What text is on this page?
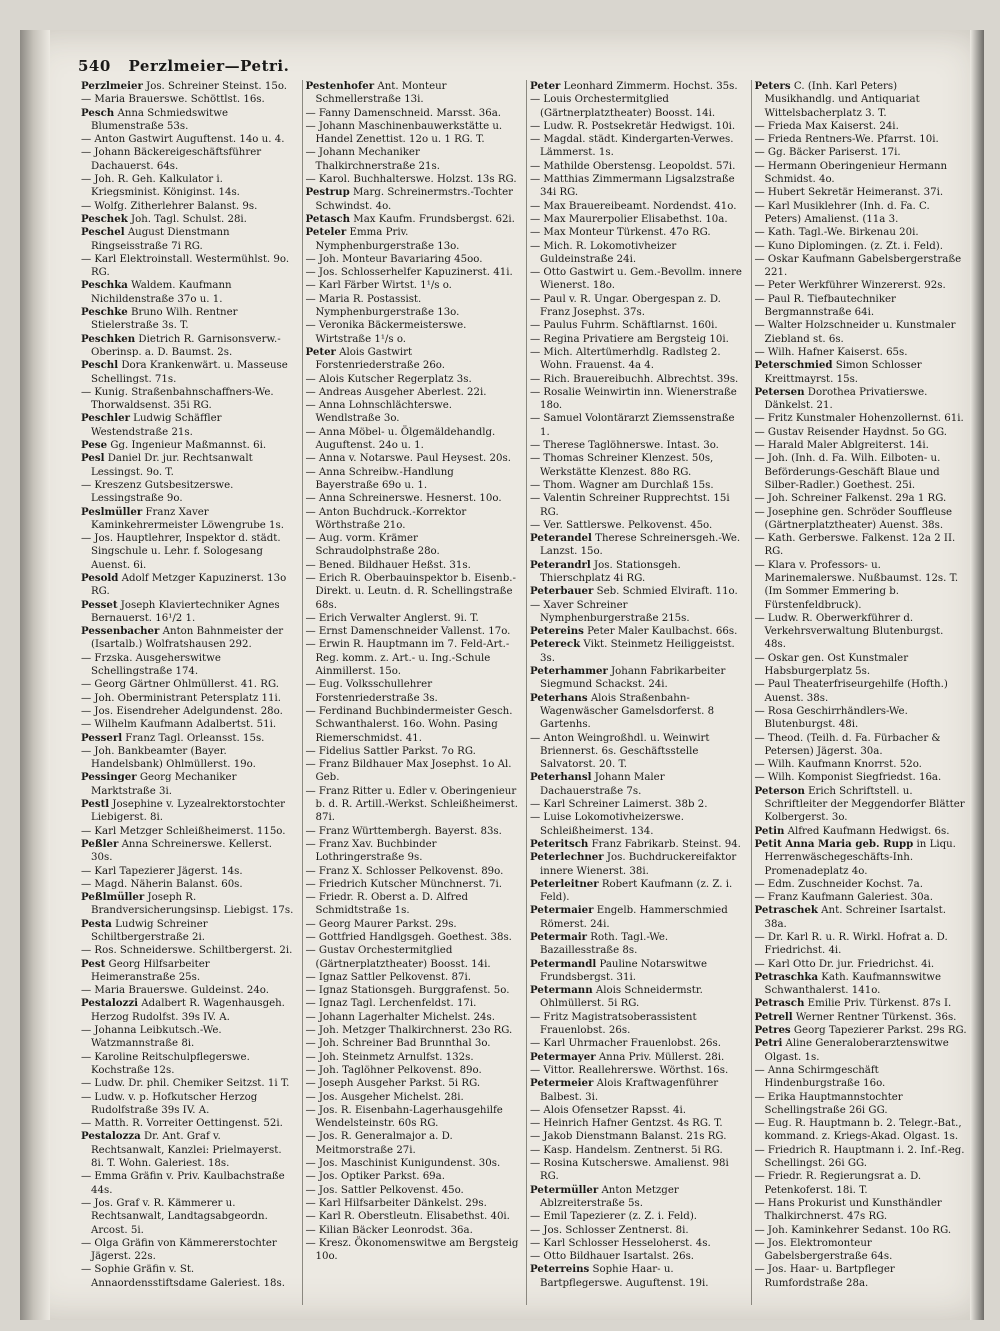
540 Perzlmeier—Petri.

Perzlmeier Jos. Schreiner Steinst. 15o.

— Maria Brauerswe. Schöttlst. 16s.

Pesch Anna Schmiedswitwe Blumenstraße 53s.

— Anton Gastwirt Auguftenst. 14o u. 4.

— Johann Bäckereigeschäftsführer Dachauerst. 64s.

— Joh. R. Geh. Kalkulator i. Kriegsminist. Königinst. 14s.

— Wolfg. Zitherlehrer Balanst. 9s.

Peschek Joh. Tagl. Schulst. 28i.

Peschel August Dienstmann Ringseisstraße 7i RG.

— Karl Elektroinstall. Westermühlst. 9o. RG.

Peschka Waldem. Kaufmann Nichildenstraße 37o u. 1.

Peschke Bruno Wilh. Rentner Stielerstraße 3s. T.

Peschken Dietrich R. Garnisonsverw.-Oberinsp. a. D. Baumst. 2s.

Peschl Dora Krankenwärt. u. Masseuse Schellingst. 71s.

— Kunig. Straßenbahnschaffners-We. Thorwaldsenst. 35i RG.

Peschler Ludwig Schäffler Westendstraße 21s.

Pese Gg. Ingenieur Maßmannst. 6i.

Pesl Daniel Dr. jur. Rechtsanwalt Lessingst. 9o. T.

— Kreszenz Gutsbesitzerswe. Lessingstraße 9o.

Peslmüller Franz Xaver Kaminkehrermeister Löwengrube 1s.

— Jos. Hauptlehrer, Inspektor d. städt. Singschule u. Lehr. f. Sologesang Auenst. 6i.

Pesold Adolf Metzger Kapuzinerst. 13o RG.

Pesset Joseph Klaviertechniker Agnes Bernauerst. 16¹/2 1.

Pessenbacher Anton Bahnmeister der (Isartalb.) Wolfratshausen 292.

— Frzska. Ausgeherswitwe Schellingstraße 174.

— Georg Gärtner Ohlmüllerst. 41. RG.

— Joh. Oberministrant Petersplatz 11i.

— Jos. Eisendreher Adelgundenst. 28o.

— Wilhelm Kaufmann Adalbertst. 51i.

Pesserl Franz Tagl. Orleansst. 15s.

— Joh. Bankbeamter (Bayer. Handelsbank) Ohlmüllerst. 19o.

Pessinger Georg Mechaniker Marktstraße 3i.

Pestl Josephine v. Lyzealrektorstochter Liebigerst. 8i.

— Karl Metzger Schleißheimerst. 115o.

Peßler Anna Schreinerswe. Kellerst. 30s.

— Karl Tapezierer Jägerst. 14s.

— Magd. Näherin Balanst. 60s.

Peßlmüller Joseph R. Brandversicherungsinsp. Liebigst. 17s.

Pesta Ludwig Schreiner Schiltbergerstraße 2i.

— Ros. Schneiderswe. Schiltbergerst. 2i.

Pest Georg Hilfsarbeiter Heimeranstraße 25s.

— Maria Brauerswe. Guldeinst. 24o.

Pestalozzi Adalbert R. Wagenhausgeh. Herzog Rudolfst. 39s IV. A.

— Johanna Leibkutsch.-We. Watzmannstraße 8i.

— Karoline Reitschulpflegerswe. Kochstraße 12s.

— Ludw. Dr. phil. Chemiker Seitzst. 1i T.

— Ludw. v. p. Hofkutscher Herzog Rudolfstraße 39s IV. A.

— Matth. R. Vorreiter Oettingenst. 52i.

Pestalozza Dr. Ant. Graf v. Rechtsanwalt, Kanzlei: Prielmayerst. 8i. T. Wohn. Galeriest. 18s.

— Emma Gräfin v. Priv. Kaulbachstraße 44s.

— Jos. Graf v. R. Kämmerer u. Rechtsanwalt, Landtagsabgeordn. Arcost. 5i.

— Olga Gräfin von Kämmererstochter Jägerst. 22s.

— Sophie Gräfin v. St. Annaordensstiftsdame Galeriest. 18s.

Pestenhofer Ant. Monteur Schmellerstraße 13i.

— Fanny Damenschneid. Marsst. 36a.

— Johann Maschinenbauwerkstätte u. Handel Zenettist. 12o u. 1 RG. T.

— Johann Mechaniker Thalkirchnerstraße 21s.

— Karol. Buchhalterswe. Holzst. 13s RG.

Pestrup Marg. Schreinermstrs.-Tochter Schwindst. 4o.

Petasch Max Kaufm. Frundsbergst. 62i.

Peteler Emma Priv. Nymphenburgerstraße 13o.

— Joh. Monteur Bavariaring 45oo.

— Jos. Schlosserhelfer Kapuzinerst. 41i.

— Karl Färber Wirtst. 1¹/s o.

— Maria R. Postassist. Nymphenburgerstraße 13o.

— Veronika Bäckermeisterswe. Wirtstraße 1¹/s o.

Peter Alois Gastwirt Forstenriederstraße 26o.

— Alois Kutscher Regerplatz 3s.

— Andreas Ausgeher Aberlest. 22i.

— Anna Lohnschlächterswe. Wendlstraße 3o.

— Anna Möbel- u. Ölgemäldehandlg. Auguftenst. 24o u. 1.

— Anna v. Notarswe. Paul Heysest. 20s.

— Anna Schreibw.-Handlung Bayerstraße 69o u. 1.

— Anna Schreinerswe. Hesnerst. 10o.

— Anton Buchdruck.-Korrektor Wörthstraße 21o.

— Aug. vorm. Krämer Schraudolphstraße 28o.

— Bened. Bildhauer Heßst. 31s.

— Erich R. Oberbauinspektor b. Eisenb.-Direkt. u. Leutn. d. R. Schellingstraße 68s.

— Erich Verwalter Anglerst. 9i. T.

— Ernst Damenschneider Vallenst. 17o.

— Erwin R. Hauptmann im 7. Feld-Art.-Reg. komm. z. Art.- u. Ing.-Schule Ainmillerst. 15o.

— Eug. Volksschullehrer Forstenriederstraße 3s.

— Ferdinand Buchbindermeister Gesch. Schwanthalerst. 16o. Wohn. Pasing Riemerschmidst. 41.

— Fidelius Sattler Parkst. 7o RG.

— Franz Bildhauer Max Josephst. 1o Al. Geb.

— Franz Ritter u. Edler v. Oberingenieur b. d. R. Artill.-Werkst. Schleißheimerst. 87i.

— Franz Württembergh. Bayerst. 83s.

— Franz Xav. Buchbinder Lothringerstraße 9s.

— Franz X. Schlosser Pelkovenst. 89o.

— Friedrich Kutscher Münchnerst. 7i.

— Friedr. R. Oberst a. D. Alfred Schmidtstraße 1s.

— Georg Maurer Parkst. 29s.

— Gottfried Handlgsgeh. Goethest. 38s.

— Gustav Orchestermitglied (Gärtnerplatztheater) Boosst. 14i.

— Ignaz Sattler Pelkovenst. 87i.

— Ignaz Stationsgeh. Burggrafenst. 5o.

— Ignaz Tagl. Lerchenfeldst. 17i.

— Johann Lagerhalter Michelst. 24s.

— Joh. Metzger Thalkirchnerst. 23o RG.

— Joh. Schreiner Bad Brunnthal 3o.

— Joh. Steinmetz Arnulfst. 132s.

— Joh. Taglöhner Pelkovenst. 89o.

— Joseph Ausgeher Parkst. 5i RG.

— Jos. Ausgeher Michelst. 28i.

— Jos. R. Eisenbahn-Lagerhausgehilfe Wendelsteinstr. 60s RG.

— Jos. R. Generalmajor a. D. Meitmorstraße 27i.

— Jos. Maschinist Kunigundenst. 30s.

— Jos. Optiker Parkst. 69a.

— Jos. Sattler Pelkovenst. 45o.

— Karl Hilfsarbeiter Dänkelst. 29s.

— Karl R. Oberstleutn. Elisabethst. 40i.

— Kilian Bäcker Leonrodst. 36a.

— Kresz. Ökonomenswitwe am Bergsteig 10o.

Peter Leonhard Zimmerm. Hochst. 35s.

— Louis Orchestermitglied (Gärtnerplatztheater) Boosst. 14i.

— Ludw. R. Postsekretär Hedwigst. 10i.

— Magdal. städt. Kindergarten-Verwes. Lämmerst. 1s.

— Mathilde Oberstensg. Leopoldst. 57i.

— Matthias Zimmermann Ligsalzstraße 34i RG.

— Max Brauereibeamt. Nordendst. 41o.

— Max Maurerpolier Elisabethst. 10a.

— Max Monteur Türkenst. 47o RG.

— Mich. R. Lokomotivheizer Guldeinstraße 24i.

— Otto Gastwirt u. Gem.-Bevollm. innere Wienerst. 18o.

— Paul v. R. Ungar. Obergespan z. D. Franz Josephst. 37s.

— Paulus Fuhrm. Schäftlarnst. 160i.

— Regina Privatiere am Bergsteig 10i.

— Mich. Altertümerhdlg. Radlsteg 2. Wohn. Frauenst. 4a 4.

— Rich. Brauereibuchh. Albrechtst. 39s.

— Rosalie Weinwirtin inn. Wienerstraße 18o.

— Samuel Volontärarzt Ziemssenstraße 1.

— Therese Taglöhnerswe. Intast. 3o.

— Thomas Schreiner Klenzest. 50s, Werkstätte Klenzest. 88o RG.

— Thom. Wagner am Durchlaß 15s.

— Valentin Schreiner Rupprechtst. 15i RG.

— Ver. Sattlerswe. Pelkovenst. 45o.

Peterandel Therese Schreinersgeh.-We. Lanzst. 15o.

Peterandrl Jos. Stationsgeh. Thierschplatz 4i RG.

Peterbauer Seb. Schmied Elviraft. 11o.

— Xaver Schreiner Nymphenburgerstraße 215s.

Petereins Peter Maler Kaulbachst. 66s.

Petereck Vikt. Steinmetz Heiliggeistst. 3s.

Peterhammer Johann Fabrikarbeiter Siegmund Schackst. 24i.

Peterhans Alois Straßenbahn-Wagenwäscher Gamelsdorferst. 8 Gartenhs.

— Anton Weingroßhdl. u. Weinwirt Briennerst. 6s. Geschäftsstelle Salvatorst. 20. T.

Peterhansl Johann Maler Dachauerstraße 7s.

— Karl Schreiner Laimerst. 38b 2.

— Luise Lokomotivheizerswe. Schleißheimerst. 134.

Peteritsch Franz Fabrikarb. Steinst. 94.

Peterlechner Jos. Buchdruckereifaktor innere Wienerst. 38i.

Peterleitner Robert Kaufmann (z. Z. i. Feld).

Petermaier Engelb. Hammerschmied Römerst. 24i.

Petermair Roth. Tagl.-We. Bazaillesstraße 8s.

Petermandl Pauline Notarswitwe Frundsbergst. 31i.

Petermann Alois Schneidermstr. Ohlmüllerst. 5i RG.

— Fritz Magistratsoberassistent Frauenlobst. 26s.

— Karl Uhrmacher Frauenlobst. 26s.

Petermayer Anna Priv. Müllerst. 28i.

— Vittor. Reallehrerswe. Wörthst. 16s.

Petermeier Alois Kraftwagenführer Balbest. 3i.

— Alois Ofensetzer Rapsst. 4i.

— Heinrich Hafner Gentzst. 4s RG. T.

— Jakob Dienstmann Balanst. 21s RG.

— Kasp. Handelsm. Zentnerst. 5i RG.

— Rosina Kutscherswe. Amalienst. 98i RG.

Petermüller Anton Metzger Ablzreiterstraße 5s.

— Emil Tapezierer (z. Z. i. Feld).

— Jos. Schlosser Zentnerst. 8i.

— Karl Schlosser Hesseloherst. 4s.

— Otto Bildhauer Isartalst. 26s.

Peterreins Sophie Haar- u. Bartpflegerswe. Auguftenst. 19i.

Peters C. (Inh. Karl Peters) Musikhandlg. und Antiquariat Wittelsbacherplatz 3. T.

— Frieda Max Kaiserst. 24i.

— Frieda Rentners-We. Pfarrst. 10i.

— Gg. Bäcker Pariserst. 17i.

— Hermann Oberingenieur Hermann Schmidst. 4o.

— Hubert Sekretär Heimeranst. 37i.

— Karl Musiklehrer (Inh. d. Fa. C. Peters) Amalienst. (11a 3.

— Kath. Tagl.-We. Birkenau 20i.

— Kuno Diplomingen. (z. Zt. i. Feld).

— Oskar Kaufmann Gabelsbergerstraße 221.

— Peter Werkführer Winzererst. 92s.

— Paul R. Tiefbautechniker Bergmannstraße 64i.

— Walter Holzschneider u. Kunstmaler Ziebland st. 6s.

— Wilh. Hafner Kaiserst. 65s.

Peterschmied Simon Schlosser Kreittmayrst. 15s.

Petersen Dorothea Privatierswe. Dänkelst. 21.

— Fritz Kunstmaler Hohenzollernst. 61i.

— Gustav Reisender Haydnst. 5o GG.

— Harald Maler Ablgreiterst. 14i.

— Joh. (Inh. d. Fa. Wilh. Eilboten- u. Beförderungs-Geschäft Blaue und Silber-Radler.) Goethest. 25i.

— Joh. Schreiner Falkenst. 29a 1 RG.

— Josephine gen. Schröder Souffleuse (Gärtnerplatztheater) Auenst. 38s.

— Kath. Gerberswe. Falkenst. 12a 2 II. RG.

— Klara v. Professors- u. Marinemalerswe. Nußbaumst. 12s. T. (Im Sommer Emmering b. Fürstenfeldbruck).

— Ludw. R. Oberwerkführer d. Verkehrsverwaltung Blutenburgst. 48s.

— Oskar gen. Ost Kunstmaler Habsburgerplatz 5s.

— Paul Theaterfriseurgehilfe (Hofth.) Auenst. 38s.

— Rosa Geschirrhändlers-We. Blutenburgst. 48i.

— Theod. (Teilh. d. Fa. Fürbacher & Petersen) Jägerst. 30a.

— Wilh. Kaufmann Knorrst. 52o.

— Wilh. Komponist Siegfriedst. 16a.

Peterson Erich Schriftstell. u. Schriftleiter der Meggendorfer Blätter Kolbergerst. 3o.

Petin Alfred Kaufmann Hedwigst. 6s.

Petit Anna Maria geb. Rupp in Liqu. Herrenwäschegeschäfts-Inh. Promenadeplatz 4o.

— Edm. Zuschneider Kochst. 7a.

— Franz Kaufmann Galeriest. 30a.

Petraschek Ant. Schreiner Isartalst. 38a.

— Dr. Karl R. u. R. Wirkl. Hofrat a. D. Friedrichst. 4i.

— Karl Otto Dr. jur. Friedrichst. 4i.

Petraschka Kath. Kaufmannswitwe Schwanthalerst. 141o.

Petrasch Emilie Priv. Türkenst. 87s I.

Petrell Werner Rentner Türkenst. 36s.

Petres Georg Tapezierer Parkst. 29s RG.

Petri Aline Generaloberarztenswitwe Olgast. 1s.

— Anna Schirmgeschäft Hindenburgstraße 16o.

— Erika Hauptmannstochter Schellingstraße 26i GG.

— Eug. R. Hauptmann b. 2. Telegr.-Bat., kommand. z. Kriegs-Akad. Olgast. 1s.

— Friedrich R. Hauptmann i. 2. Inf.-Reg. Schellingst. 26i GG.

— Friedr. R. Regierungsrat a. D. Petenkoferst. 18i. T.

— Hans Prokurist und Kunsthändler Thalkirchnerst. 47s RG.

— Joh. Kaminkehrer Sedanst. 10o RG.

— Jos. Elektromonteur Gabelsbergerstraße 64s.

— Jos. Haar- u. Bartpfleger Rumfordstraße 28a.
